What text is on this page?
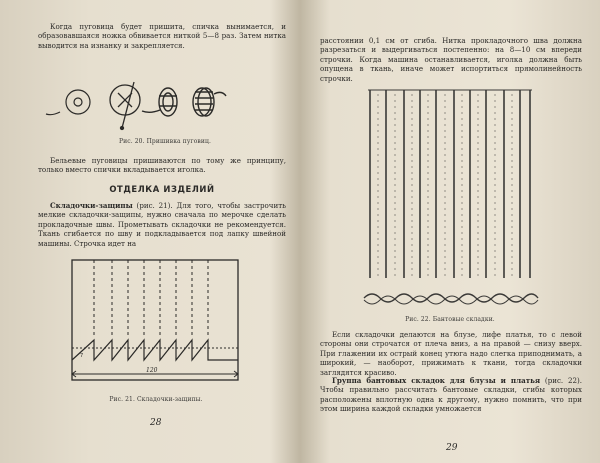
Когда пуговица будет пришита, спичка вынимается, и образовавшаяся ножка обвивается ниткой 5—8 раз. Затем нитка выводится на изнанку и закрепляется.

Рис. 20. Пришивка пуговиц.

Бельевые пуговицы пришиваются по тому же принципу, только вместо спички вкладывается иголка.

ОТДЕЛКА ИЗДЕЛИЙ

Складочки-защипы (рис. 21). Для того, чтобы застрочить мелкие складочки-защипы, нужно сначала по мерочке сделать прокладочные швы. Прометывать складочки не рекомендуется. Ткань сгибается по шву и подкладывается под лапку швейной машины. Строчка идет на

7
120
Рис. 21. Складочки-защипы.
28

расстоянии 0,1 см от сгиба. Нитка прокладочного шва должна разрезаться и выдергиваться постепенно: на 8—10 см впереди строчки. Когда машина останавливается, иголка должна быть опущена в ткань, иначе может испортиться прямолинейность строчки.

Рис. 22. Бантовые складки.

Если складочки делаются на блузе, лифе платья, то с левой стороны они строчатся от плеча вниз, а на правой — снизу вверх. При глажении их острый конец утюга надо слегка приподнимать, а широкий, — наоборот, прижимать к ткани, тогда складочки заглядятся красиво.

Группа бантовых складок для блузы и платья (рис. 22). Чтобы правильно рассчитать бантовые складки, сгибы которых расположены вплотную одна к другому, нужно помнить, что при этом ширина каждой складки умножается

29
